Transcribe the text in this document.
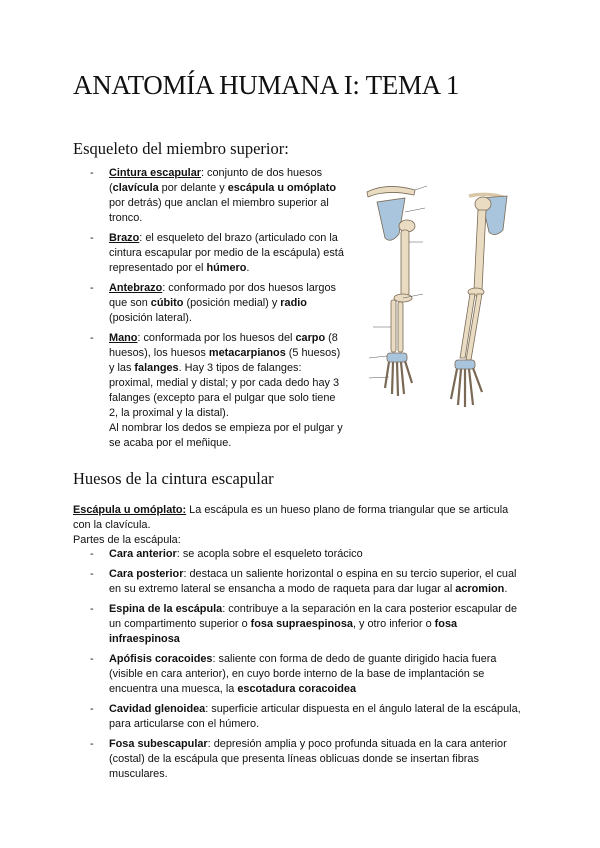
ANATOMÍA HUMANA I: TEMA 1
Esqueleto del miembro superior:
- Cintura escapular: conjunto de dos huesos (clavícula por delante y escápula u omóplato por detrás) que anclan el miembro superior al tronco.
- Brazo: el esqueleto del brazo (articulado con la cintura escapular por medio de la escápula) está representado por el húmero.
- Antebrazo: conformado por dos huesos largos que son cúbito (posición medial) y radio (posición lateral).
- Mano: conformada por los huesos del carpo (8 huesos), los huesos metacarpianos (5 huesos) y las falanges. Hay 3 tipos de falanges: proximal, medial y distal; y por cada dedo hay 3 falanges (excepto para el pulgar que solo tiene 2, la proximal y la distal).
Al nombrar los dedos se empieza por el pulgar y se acaba por el meñique.
Huesos de la cintura escapular

Escápula u omóplato: La escápula es un hueso plano de forma triangular que se articula con la clavícula.
Partes de la escápula:

- Cara anterior: se acopla sobre el esqueleto torácico
- Cara posterior: destaca un saliente horizontal o espina en su tercio superior, el cual en su extremo lateral se ensancha a modo de raqueta para dar lugar al acromion.
- Espina de la escápula: contribuye a la separación en la cara posterior escapular de un compartimento superior o fosa supraespinosa, y otro inferior o fosa infraespinosa
- Apófisis coracoides: saliente con forma de dedo de guante dirigido hacia fuera (visible en cara anterior), en cuyo borde interno de la base de implantación se encuentra una muesca, la escotadura coracoidea
- Cavidad glenoidea: superficie articular dispuesta en el ángulo lateral de la escápula, para articularse con el húmero.
- Fosa subescapular: depresión amplia y poco profunda situada en la cara anterior (costal) de la escápula que presenta líneas oblicuas donde se insertan fibras musculares.
